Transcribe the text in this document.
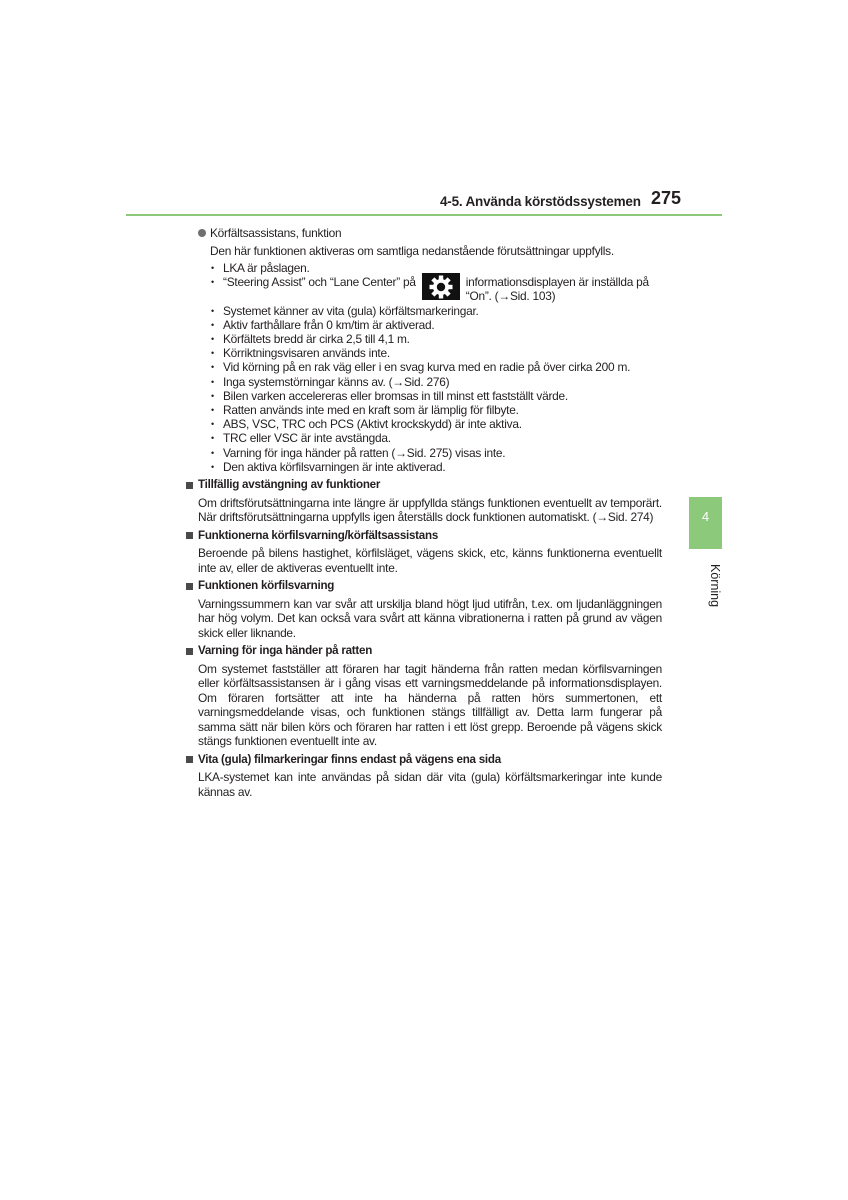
4-5. Använda körstödssystemen 275
4
Körning
Körfältsassistans, funktion
Den här funktionen aktiveras om samtliga nedanstående förutsättningar uppfylls.
• LKA är påslagen.
• “Steering Assist” och “Lane Center” på	informationsdisplayen är inställda på “On”. (→Sid. 103)
• Systemet känner av vita (gula) körfältsmarkeringar.
• Aktiv farthållare från 0 km/tim är aktiverad.
• Körfältets bredd är cirka 2,5 till 4,1 m.
• Körriktningsvisaren används inte.
• Vid körning på en rak väg eller i en svag kurva med en radie på över cirka 200 m.
• Inga systemstörningar känns av. (→Sid. 276)
• Bilen varken accelereras eller bromsas in till minst ett fastställt värde.
• Ratten används inte med en kraft som är lämplig för filbyte.
• ABS, VSC, TRC och PCS (Aktivt krockskydd) är inte aktiva.
• TRC eller VSC är inte avstängda.
• Varning för inga händer på ratten (→Sid. 275) visas inte.
• Den aktiva körfilsvarningen är inte aktiverad.
Tillfällig avstängning av funktioner

Om driftsförutsättningarna inte längre är uppfyllda stängs funktionen eventuellt av temporärt. När driftsförutsättningarna uppfylls igen återställs dock funktionen automatiskt. (→Sid. 274)

Funktionerna körfilsvarning/körfältsassistans

Beroende på bilens hastighet, körfilsläget, vägens skick, etc, känns funktionerna eventuellt inte av, eller de aktiveras eventuellt inte.

Funktionen körfilsvarning

Varningssummern kan var svår att urskilja bland högt ljud utifrån, t.ex. om ljudanläggningen har hög volym. Det kan också vara svårt att känna vibrationerna i ratten på grund av vägen skick eller liknande.

Varning för inga händer på ratten

Om systemet fastställer att föraren har tagit händerna från ratten medan körfilsvarningen eller körfältsassistansen är i gång visas ett varningsmeddelande på informationsdisplayen. Om föraren fortsätter att inte ha händerna på ratten hörs summertonen, ett varningsmeddelande visas, och funktionen stängs tillfälligt av. Detta larm fungerar på samma sätt när bilen körs och föraren har ratten i ett löst grepp. Beroende på vägens skick stängs funktionen eventuellt inte av.

Vita (gula) filmarkeringar finns endast på vägens ena sida

LKA-systemet kan inte användas på sidan där vita (gula) körfältsmarkeringar inte kunde kännas av.
